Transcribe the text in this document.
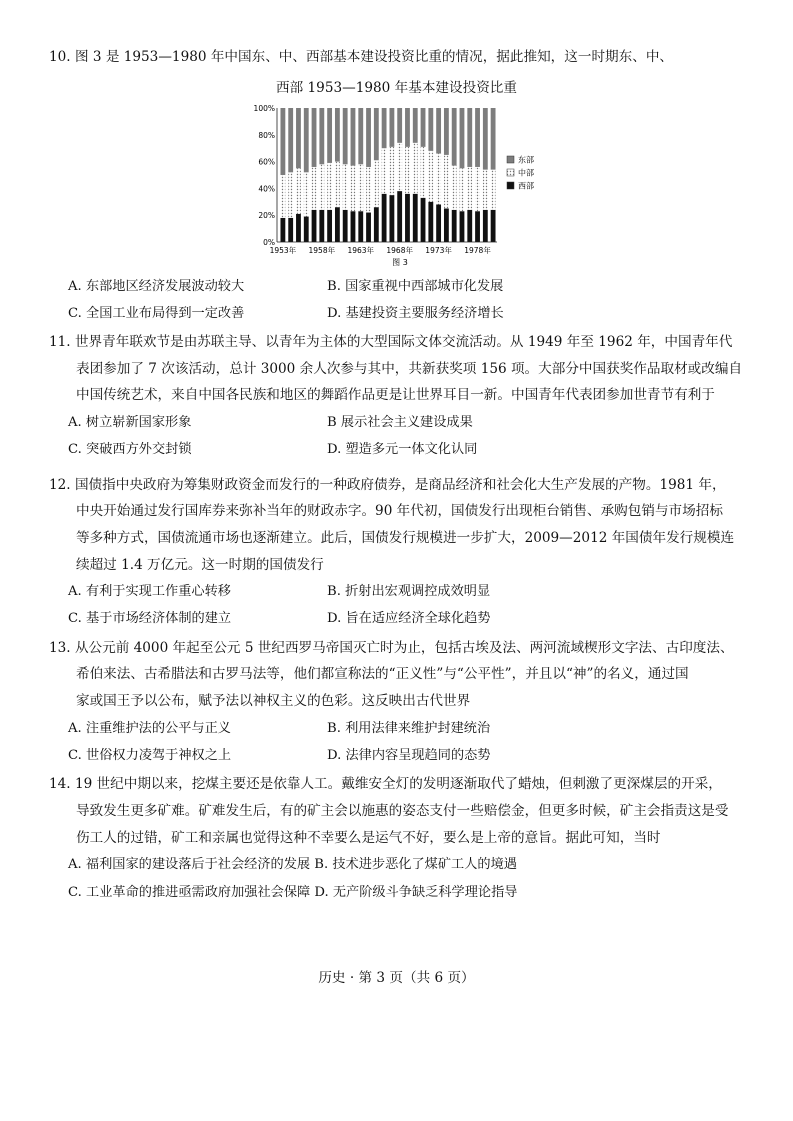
10. 图 3 是 1953—1980 年中国东、中、西部基本建设投资比重的情况，据此推知，这一时期东、中、
西部 1953—1980 年基本建设投资比重
0%
20%
40%
60%
80%
100%
1953年 1958年 1963年 1968年 1973年 1978年
东部
中部
西部
图 3
A. 东部地区经济发展波动较大	B. 国家重视中西部城市化发展
C. 全国工业布局得到一定改善	D. 基建投资主要服务经济增长
11. 世界青年联欢节是由苏联主导、以青年为主体的大型国际文体交流活动。从 1949 年至 1962 年，中国青年代
表团参加了 7 次该活动，总计 3000 余人次参与其中，共新获奖项 156 项。大部分中国获奖作品取材或改编自
中国传统艺术，来自中国各民族和地区的舞蹈作品更是让世界耳目一新。中国青年代表团参加世青节有利于
A. 树立崭新国家形象	B 展示社会主义建设成果
C. 突破西方外交封锁	D. 塑造多元一体文化认同
12. 国债指中央政府为筹集财政资金而发行的一种政府债券，是商品经济和社会化大生产发展的产物。1981 年，
中央开始通过发行国库券来弥补当年的财政赤字。90 年代初，国债发行出现柜台销售、承购包销与市场招标
等多种方式，国债流通市场也逐渐建立。此后，国债发行规模进一步扩大，2009—2012 年国债年发行规模连
续超过 1.4 万亿元。这一时期的国债发行
A. 有利于实现工作重心转移	B. 折射出宏观调控成效明显
C. 基于市场经济体制的建立	D. 旨在适应经济全球化趋势
13. 从公元前 4000 年起至公元 5 世纪西罗马帝国灭亡时为止，包括古埃及法、两河流域楔形文字法、古印度法、
希伯来法、古希腊法和古罗马法等，他们都宣称法的“正义性”与“公平性”，并且以“神”的名义，通过国
家或国王予以公布，赋予法以神权主义的色彩。这反映出古代世界
A. 注重维护法的公平与正义	B. 利用法律来维护封建统治
C. 世俗权力凌驾于神权之上	D. 法律内容呈现趋同的态势
14. 19 世纪中期以来，挖煤主要还是依靠人工。戴维安全灯的发明逐渐取代了蜡烛，但刺激了更深煤层的开采，
导致发生更多矿难。矿难发生后，有的矿主会以施惠的姿态支付一些赔偿金，但更多时候，矿主会指责这是受
伤工人的过错，矿工和亲属也觉得这种不幸要么是运气不好，要么是上帝的意旨。据此可知，当时
A. 福利国家的建设落后于社会经济的发展 B. 技术进步恶化了煤矿工人的境遇
C. 工业革命的推进亟需政府加强社会保障 D. 无产阶级斗争缺乏科学理论指导
历史 · 第 3 页（共 6 页）
